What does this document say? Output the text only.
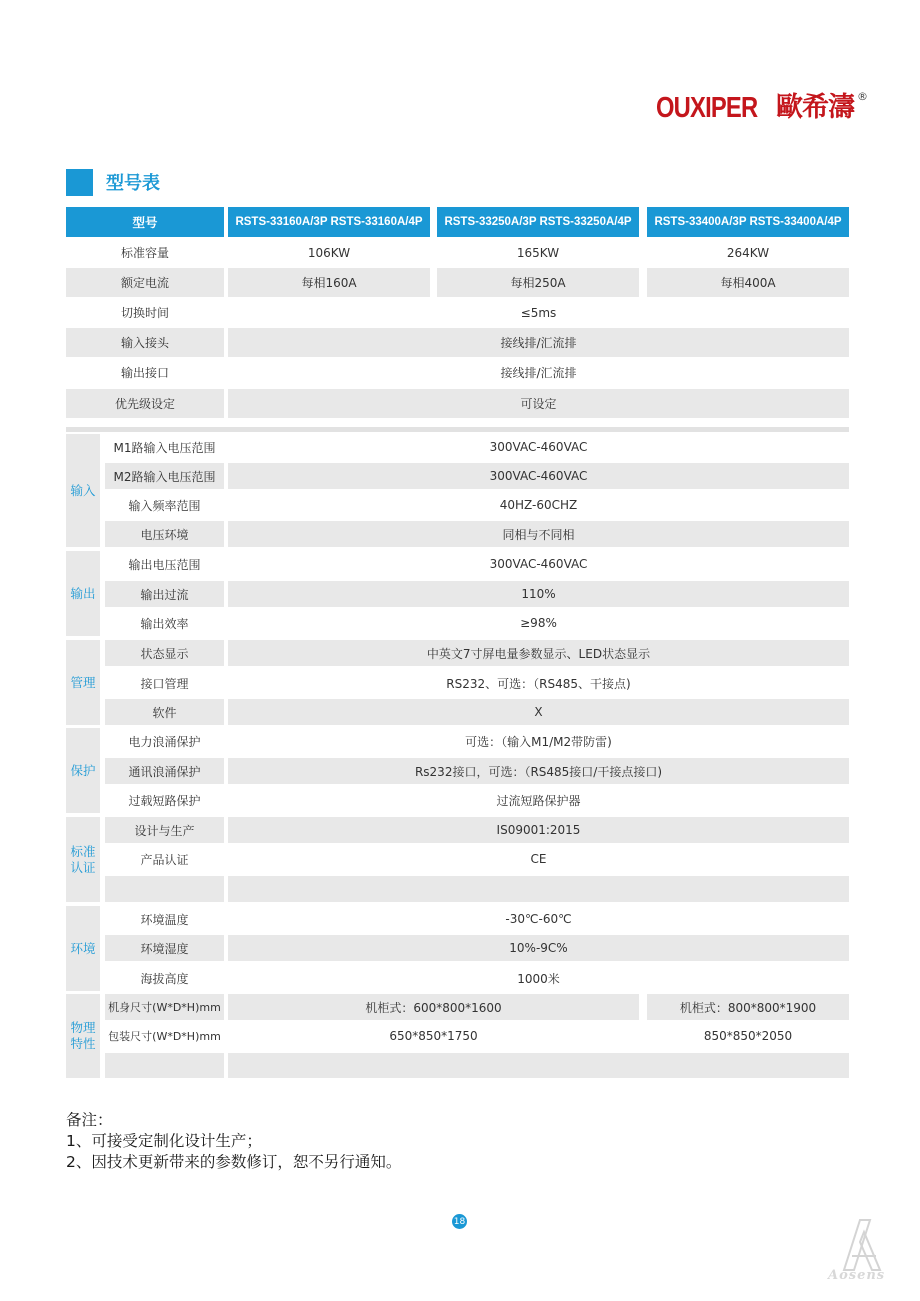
OUXIPER 歐希濤 ®
型号表
型号	RSTS-33160A/3P RSTS-33160A/4P	RSTS-33250A/3P RSTS-33250A/4P	RSTS-33400A/3P RSTS-33400A/4P
标准容量	106KW	165KW	264KW
额定电流	每相160A	每相250A	每相400A
切换时间	≤5ms
输入接头	接线排/汇流排
输出接口	接线排/汇流排
优先级设定	可设定
输入
M1路输入电压范围	300VAC-460VAC
M2路输入电压范围	300VAC-460VAC
输入频率范围	40HZ-60CHZ
电压环境	同相与不同相
输出
输出电压范围	300VAC-460VAC
输出过流	110%
输出效率	≥98%
管理
状态显示	中英文7寸屏电量参数显示、LED状态显示
接口管理	RS232、可选：（RS485、干接点)
软件	X
保护
电力浪涌保护	可选：（输入M1/M2带防雷)
通讯浪涌保护	Rs232接口，可选：（RS485接口/干接点接口)
过载短路保护	过流短路保护器
标准
认证
设计与生产	IS09001:2015
产品认证	CE
环境
环境温度	-30℃-60℃
环境湿度	10%-9C%
海拔高度	1000米
物理
特性
机身尺寸(W*D*H)mm	机柜式：600*800*1600	机柜式：800*800*1900
包装尺寸(W*D*H)mm	650*850*1750	850*850*2050
备注：
1、可接受定制化设计生产；
2、因技术更新带来的参数修订，恕不另行通知。
18
Aosens
